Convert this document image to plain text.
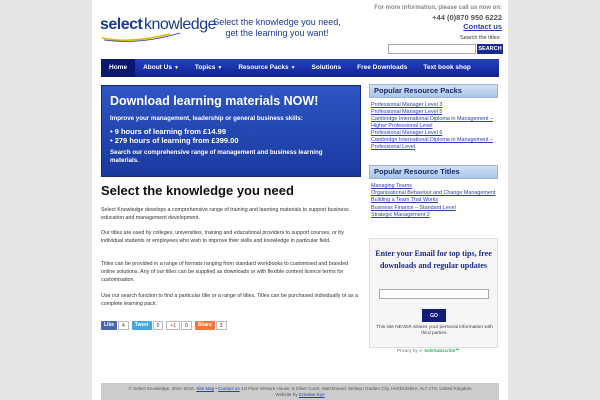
select knowledge
Select the knowledge you need,
get the learning you want!
For more information, please call us now on:
+44 (0)870 950 6222
Contact us
Search the titles:
SEARCH
Home	About Us ▼	Topics ▼	Resource Packs ▼	Solutions	Free Downloads	Text book shop
Download learning materials NOW!

Improve your management, leadership or general business skills:

• 9 hours of learning from £14.99
• 279 hours of learning from £399.00

Search our comprehensive range of management and business learning materials.

Select the knowledge you need

Select Knowledge develops a comprehensive range of training and learning materials to support business education and management development.

Our titles are used by colleges, universities, training and educational providers to support courses, or by individual students or employees who wish to improve their skills and knowledge in particular field.

Titles can be provided in a range of formats ranging from standard workbooks to customised and branded online solutions. Any of our titles can be supplied as downloads or with flexible content licence terms for customisation.

Use our search function to find a particular title or a range of titles. Titles can be purchased individually or as a complete learning pack.

Like	4	Tweet	0	+1	0	Share	3
Popular Resource Packs
Professional Manager Level 3
Professional Manager Level 5
Cambridge International Diploma in Management – Higher Professional Level
Professional Manager Level 6
Cambridge International Diploma in Management – Professional Level
Popular Resource Titles
Managing Teams
Organisational Behaviour and Change Management
Building a Team That Works
Business Finance – Standard Level
Strategic Management 2
Enter your Email for top tips, free downloads and regular updates
GO
This site NEVER shares your personal information with third parties.
Privacy by ✔ SafeSubscribe℠
© Select Knowledge, 2011–2016. Site Map • Contact us 1st Floor Venture House, 6 Silver Court, Watchmead, Welwyn Garden City, Hertfordshire, AL7 1TS, United Kingdom
Website by Creative Eye
